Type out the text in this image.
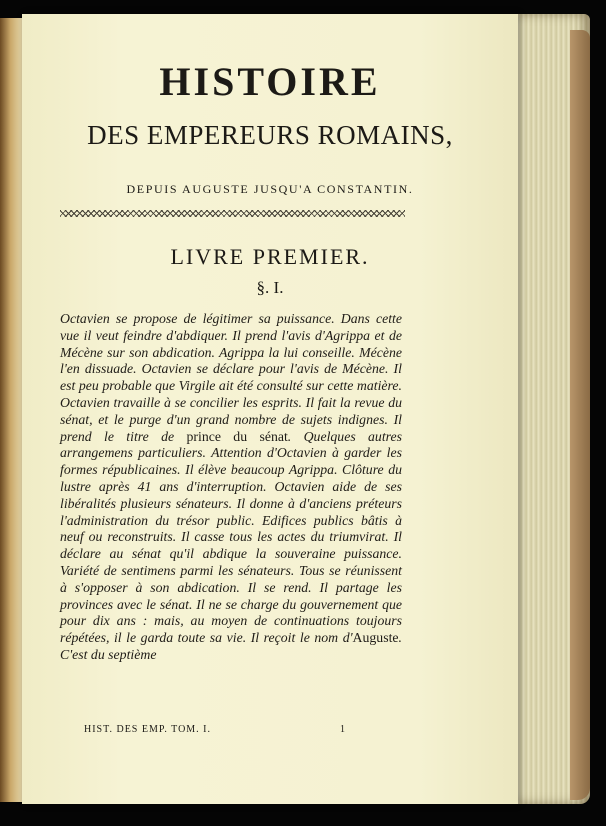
HISTOIRE
DES EMPEREURS ROMAINS,
DEPUIS AUGUSTE JUSQU'A CONSTANTIN.
LIVRE PREMIER.
§. I.

Octavien se propose de légitimer sa puissance. Dans cette vue il veut feindre d'abdiquer. Il prend l'avis d'Agrippa et de Mécène sur son abdication. Agrippa la lui conseille. Mécène l'en dissuade. Octavien se déclare pour l'avis de Mécène. Il est peu probable que Virgile ait été consulté sur cette matière. Octavien travaille à se concilier les esprits. Il fait la revue du sénat, et le purge d'un grand nombre de sujets indignes. Il prend le titre de prince du sénat. Quelques autres arrangemens particuliers. Attention d'Octavien à garder les formes républicaines. Il élève beaucoup Agrippa. Clôture du lustre après 41 ans d'interruption. Octavien aide de ses libéralités plusieurs sénateurs. Il donne à d'anciens préteurs l'administration du trésor public. Edifices publics bâtis à neuf ou reconstruits. Il casse tous les actes du triumvirat. Il déclare au sénat qu'il abdique la souveraine puissance. Variété de sentimens parmi les sénateurs. Tous se réunissent à s'opposer à son abdication. Il se rend. Il partage les provinces avec le sénat. Il ne se charge du gouvernement que pour dix ans : mais, au moyen de continuations toujours répétées, il le garda toute sa vie. Il reçoit le nom d'Auguste. C'est du septième

HIST. DES EMP. TOM. I.	1
